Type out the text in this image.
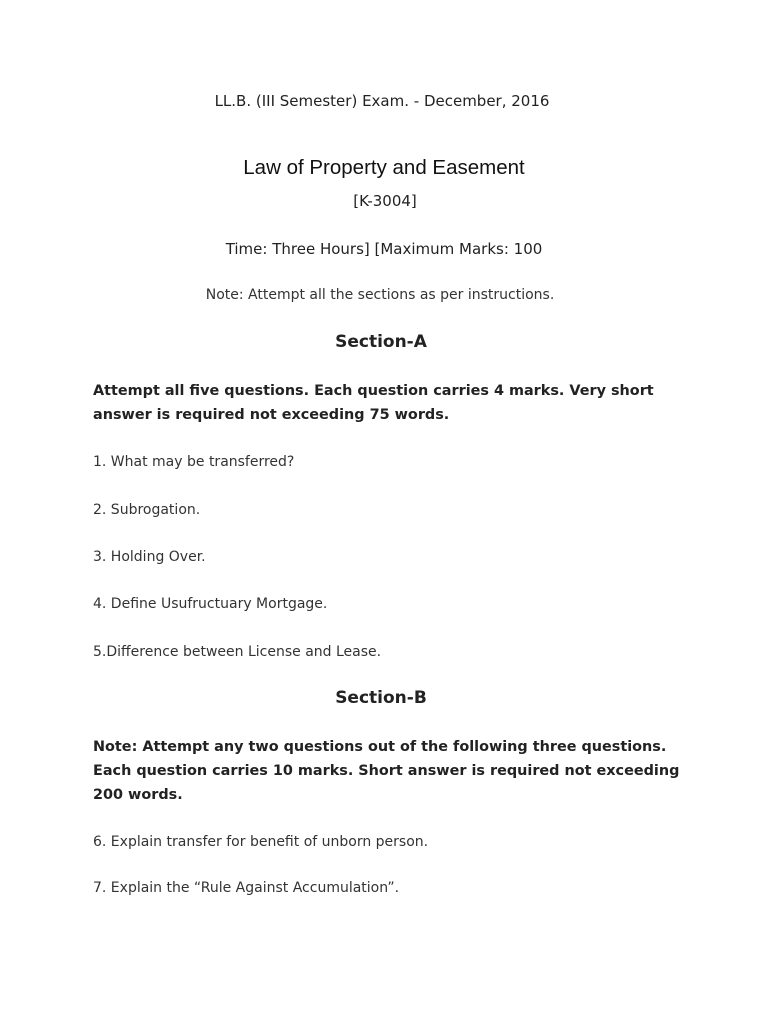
LL.B. (III Semester) Exam. - December, 2016
Law of Property and Easement
[K-3004]
Time: Three Hours] [Maximum Marks: 100
Note: Attempt all the sections as per instructions.
Section-A
Attempt all five questions. Each question carries 4 marks. Very short answer is required not exceeding 75 words.
1. What may be transferred?
2. Subrogation.
3. Holding Over.
4. Define Usufructuary Mortgage.
5.Difference between License and Lease.
Section-B
Note: Attempt any two questions out of the following three questions. Each question carries 10 marks. Short answer is required not exceeding 200 words.
6. Explain transfer for benefit of unborn person.
7. Explain the “Rule Against Accumulation”.
